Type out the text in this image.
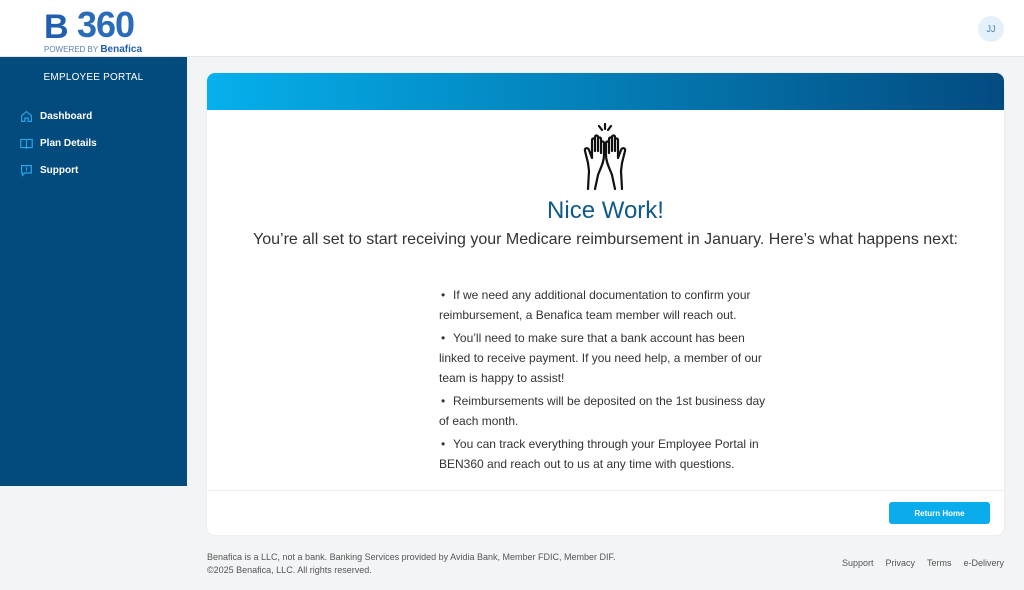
B 360
POWERED BY Benafica
JJ
EMPLOYEE PORTAL
Dashboard
Plan Details
Support
Nice Work!
You’re all set to start receiving your Medicare reimbursement in January. Here’s what happens next:
• If we need any additional documentation to confirm your reimbursement, a Benafica team member will reach out.
• You’ll need to make sure that a bank account has been linked to receive payment. If you need help, a member of our team is happy to assist!
• Reimbursements will be deposited on the 1st business day of each month.
• You can track everything through your Employee Portal in BEN360 and reach out to us at any time with questions.
Return Home
Benafica is a LLC, not a bank. Banking Services provided by Avidia Bank, Member FDIC, Member DIF.
©2025 Benafica, LLC. All rights reserved.
Support Privacy Terms e-Delivery
